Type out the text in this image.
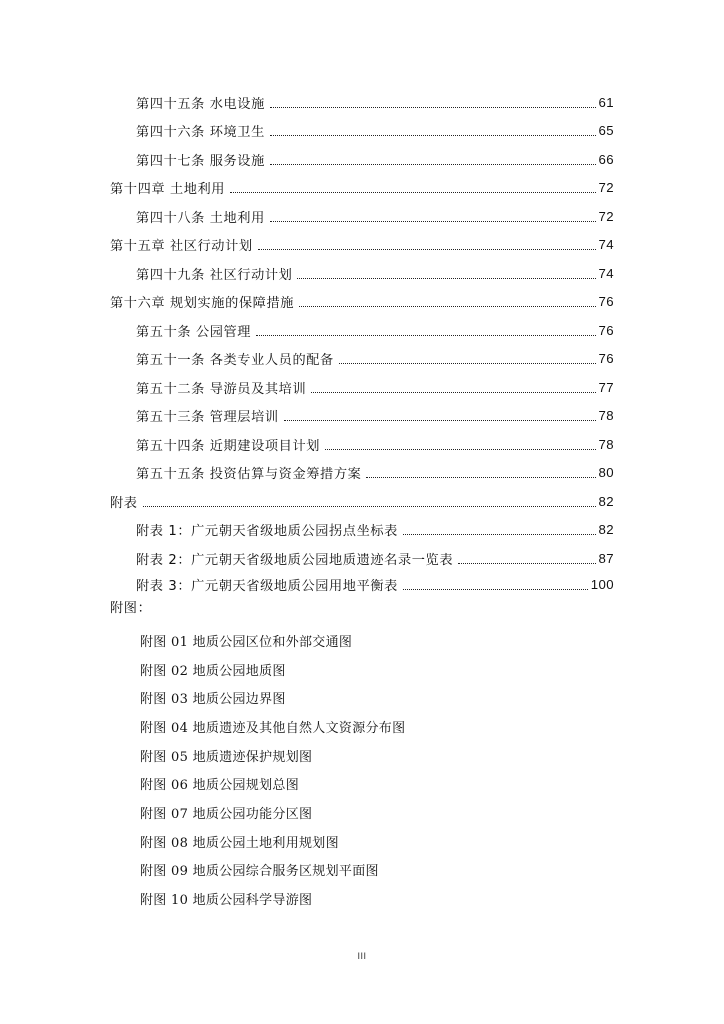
第四十五条 水电设施	61
第四十六条 环境卫生	65
第四十七条 服务设施	66
第十四章 土地利用	72
第四十八条 土地利用	72
第十五章 社区行动计划	74
第四十九条 社区行动计划	74
第十六章 规划实施的保障措施	76
第五十条 公园管理	76
第五十一条 各类专业人员的配备	76
第五十二条 导游员及其培训	77
第五十三条 管理层培训	78
第五十四条 近期建设项目计划	78
第五十五条 投资估算与资金筹措方案	80
附表	82
附表 1：广元朝天省级地质公园拐点坐标表	82
附表 2：广元朝天省级地质公园地质遗迹名录一览表	87
附表 3：广元朝天省级地质公园用地平衡表	100
附图：
附图 01 地质公园区位和外部交通图
附图 02 地质公园地质图
附图 03 地质公园边界图
附图 04 地质遗迹及其他自然人文资源分布图
附图 05 地质遗迹保护规划图
附图 06 地质公园规划总图
附图 07 地质公园功能分区图
附图 08 地质公园土地利用规划图
附图 09 地质公园综合服务区规划平面图
附图 10 地质公园科学导游图
III
